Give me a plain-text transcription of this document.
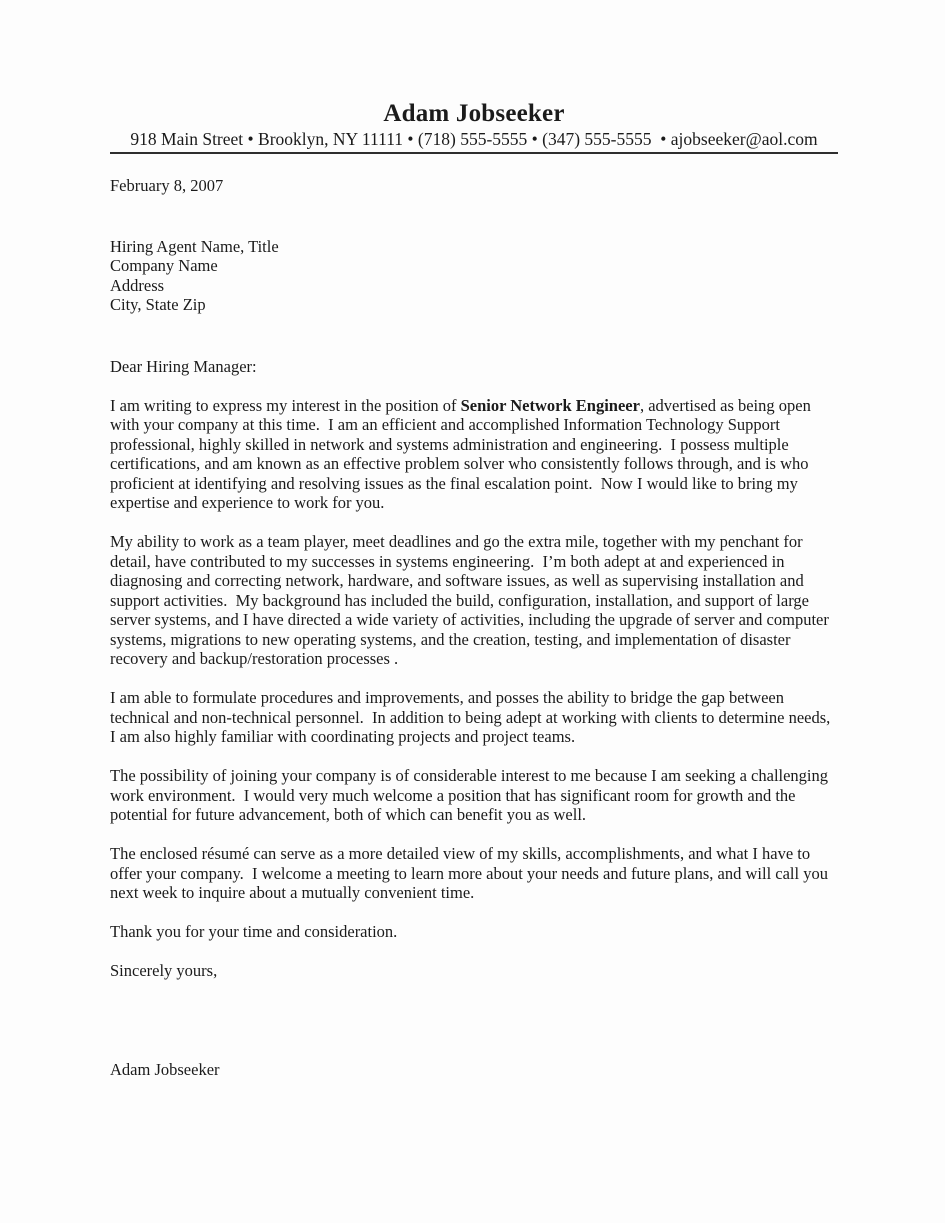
Adam Jobseeker
918 Main Street • Brooklyn, NY 11111 • (718) 555-5555 • (347) 555-5555  • ajobseeker@aol.com
February 8, 2007
Hiring Agent Name, Title
Company Name
Address
City, State Zip
Dear Hiring Manager:

I am writing to express my interest in the position of Senior Network Engineer, advertised as being open with your company at this time.  I am an efficient and accomplished Information Technology Support professional, highly skilled in network and systems administration and engineering.  I possess multiple certifications, and am known as an effective problem solver who consistently follows through, and is who proficient at identifying and resolving issues as the final escalation point.  Now I would like to bring my expertise and experience to work for you.

My ability to work as a team player, meet deadlines and go the extra mile, together with my penchant for detail, have contributed to my successes in systems engineering.  I’m both adept at and experienced in diagnosing and correcting network, hardware, and software issues, as well as supervising installation and support activities.  My background has included the build, configuration, installation, and support of large server systems, and I have directed a wide variety of activities, including the upgrade of server and computer systems, migrations to new operating systems, and the creation, testing, and implementation of disaster recovery and backup/restoration processes .

I am able to formulate procedures and improvements, and posses the ability to bridge the gap between technical and non-technical personnel.  In addition to being adept at working with clients to determine needs, I am also highly familiar with coordinating projects and project teams.

The possibility of joining your company is of considerable interest to me because I am seeking a challenging work environment.  I would very much welcome a position that has significant room for growth and the potential for future advancement, both of which can benefit you as well.

The enclosed résumé can serve as a more detailed view of my skills, accomplishments, and what I have to offer your company.  I welcome a meeting to learn more about your needs and future plans, and will call you next week to inquire about a mutually convenient time.

Thank you for your time and consideration.

Sincerely yours,

Adam Jobseeker
